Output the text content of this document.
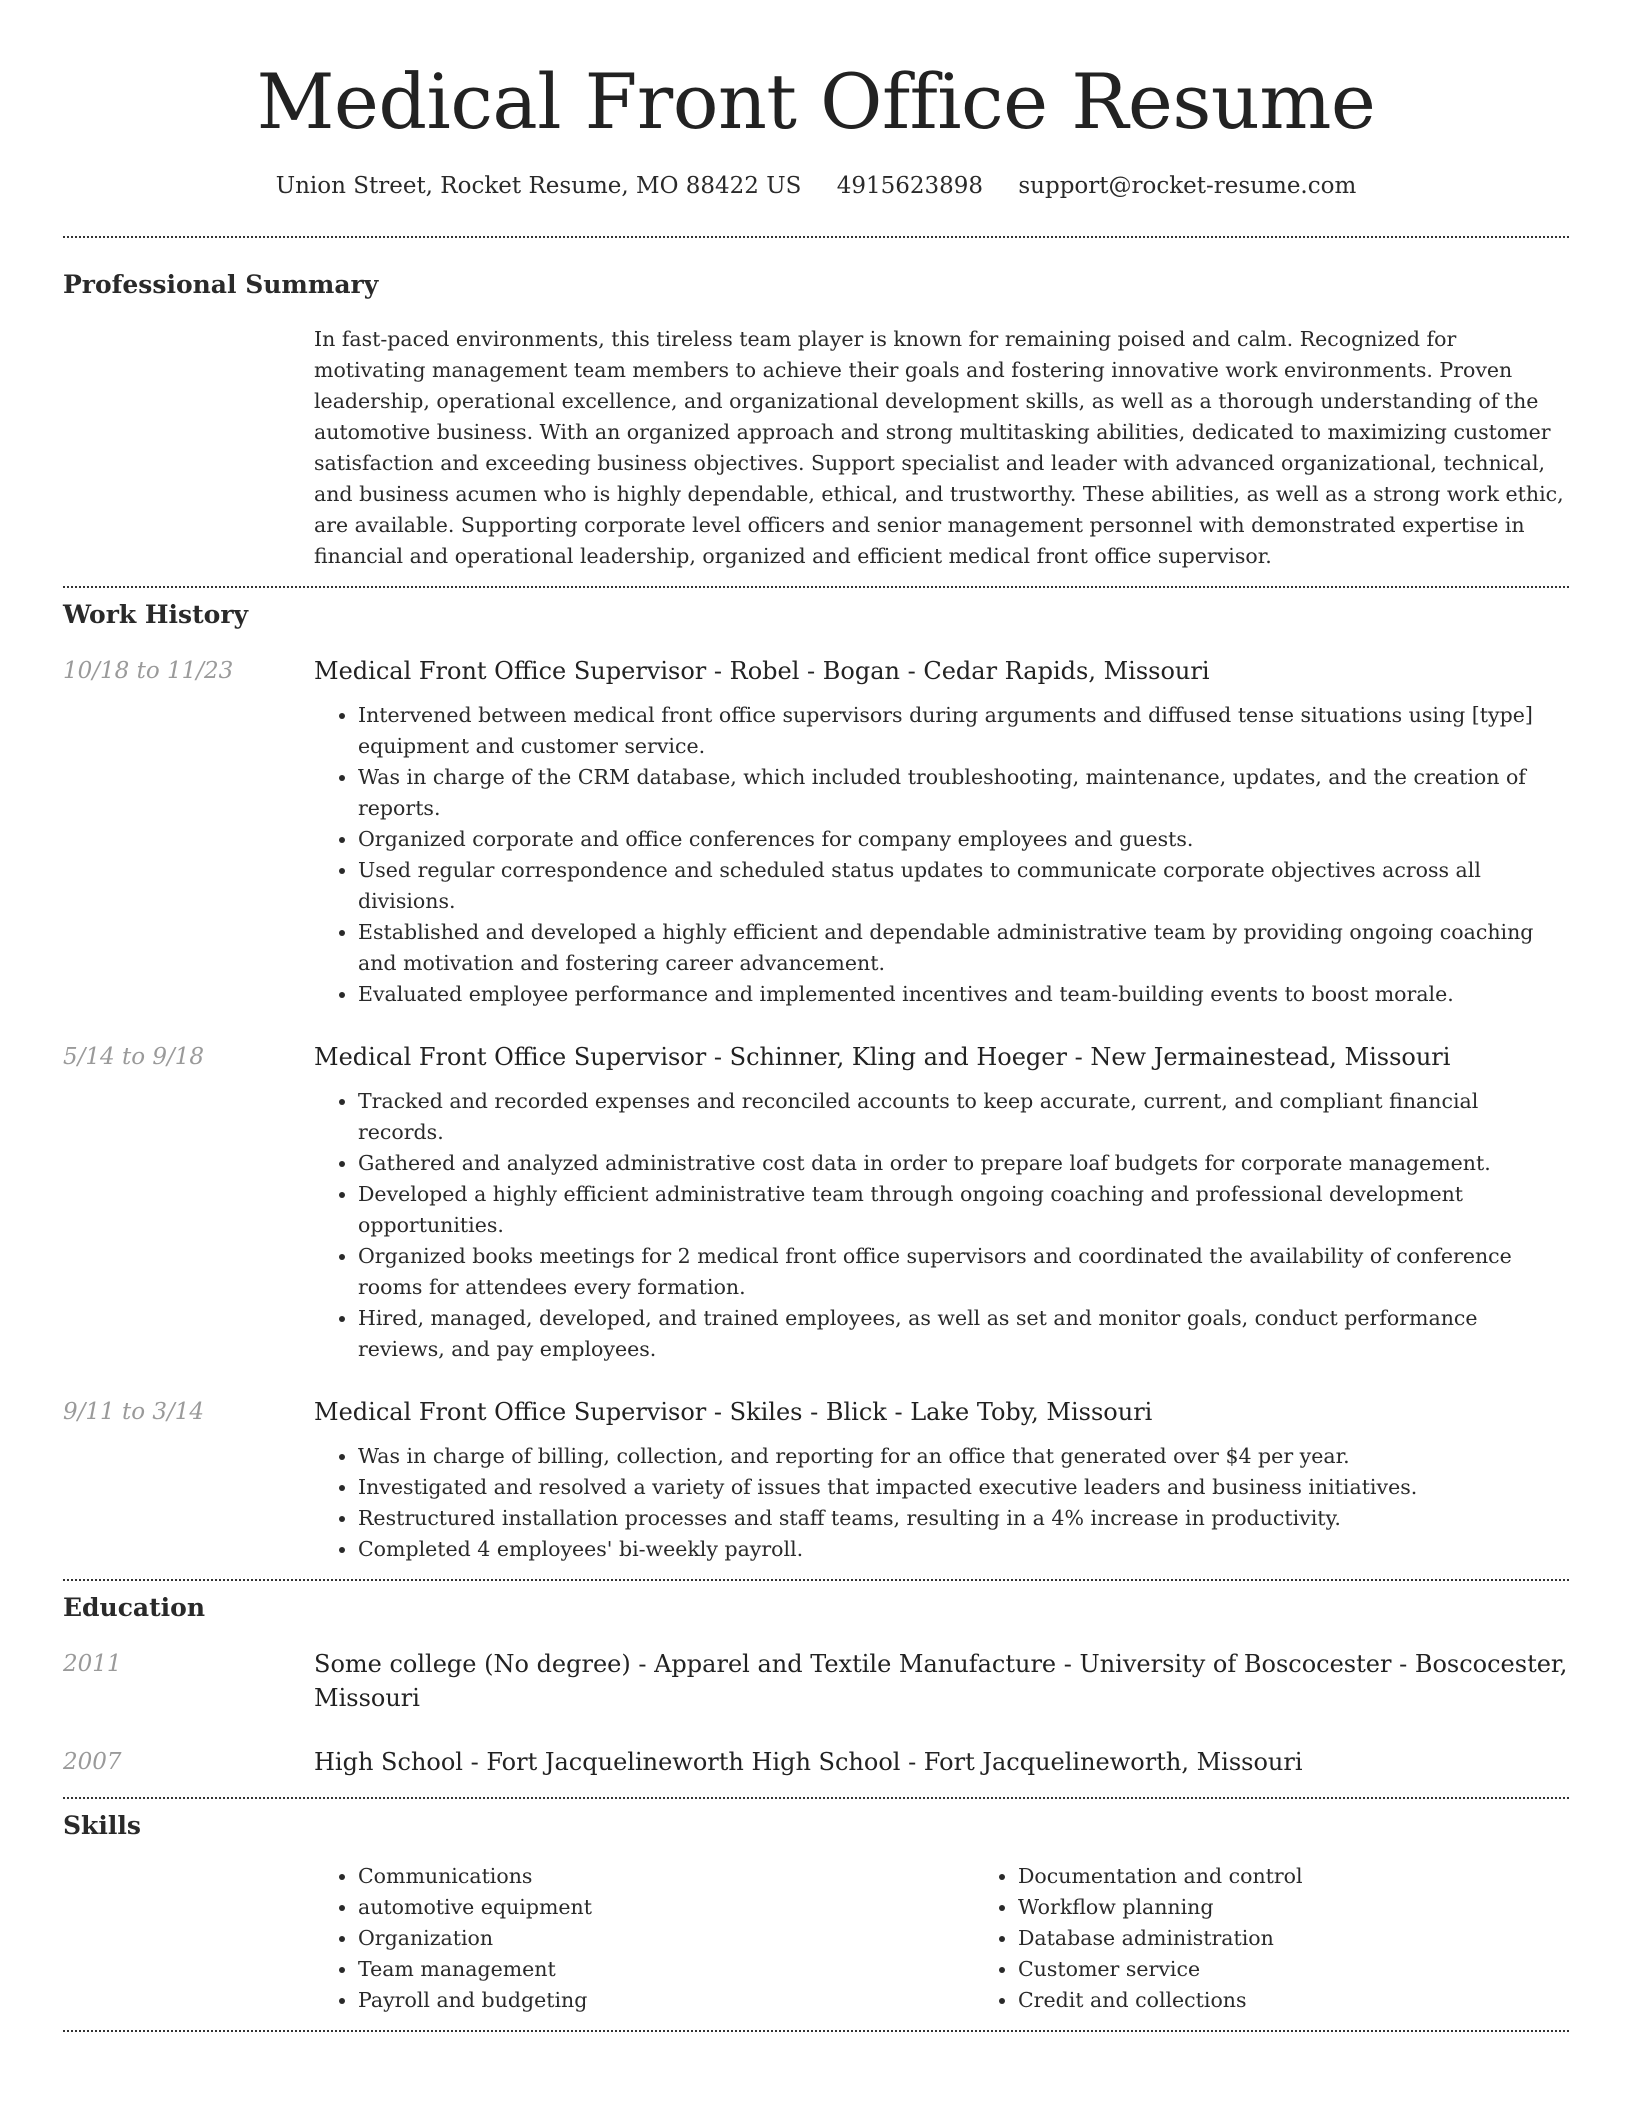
Medical Front Office Resume
Union Street, Rocket Resume, MO 88422 US 4915623898 support@rocket-resume.com
Professional Summary

In fast-paced environments, this tireless team player is known for remaining poised and calm. Recognized for motivating management team members to achieve their goals and fostering innovative work environments. Proven leadership, operational excellence, and organizational development skills, as well as a thorough understanding of the automotive business. With an organized approach and strong multitasking abilities, dedicated to maximizing customer satisfaction and exceeding business objectives. Support specialist and leader with advanced organizational, technical, and business acumen who is highly dependable, ethical, and trustworthy. These abilities, as well as a strong work ethic, are available. Supporting corporate level officers and senior management personnel with demonstrated expertise in financial and operational leadership, organized and efficient medical front office supervisor.

Work History
10/18 to 11/23	Medical Front Office Supervisor - Robel - Bogan - Cedar Rapids, Missouri
• Intervened between medical front office supervisors during arguments and diffused tense situations using [type] equipment and customer service.
• Was in charge of the CRM database, which included troubleshooting, maintenance, updates, and the creation of reports.
• Organized corporate and office conferences for company employees and guests.
• Used regular correspondence and scheduled status updates to communicate corporate objectives across all divisions.
• Established and developed a highly efficient and dependable administrative team by providing ongoing coaching and motivation and fostering career advancement.
• Evaluated employee performance and implemented incentives and team-building events to boost morale.
5/14 to 9/18	Medical Front Office Supervisor - Schinner, Kling and Hoeger - New Jermainestead, Missouri
• Tracked and recorded expenses and reconciled accounts to keep accurate, current, and compliant financial records.
• Gathered and analyzed administrative cost data in order to prepare loaf budgets for corporate management.
• Developed a highly efficient administrative team through ongoing coaching and professional development opportunities.
• Organized books meetings for 2 medical front office supervisors and coordinated the availability of conference rooms for attendees every formation.
• Hired, managed, developed, and trained employees, as well as set and monitor goals, conduct performance reviews, and pay employees.
9/11 to 3/14	Medical Front Office Supervisor - Skiles - Blick - Lake Toby, Missouri
• Was in charge of billing, collection, and reporting for an office that generated over $4 per year.
• Investigated and resolved a variety of issues that impacted executive leaders and business initiatives.
• Restructured installation processes and staff teams, resulting in a 4% increase in productivity.
• Completed 4 employees' bi-weekly payroll.
Education
2011	Some college (No degree) - Apparel and Textile Manufacture - University of Boscocester - Boscocester, Missouri
2007	High School - Fort Jacquelineworth High School - Fort Jacquelineworth, Missouri
Skills
• Communications
• automotive equipment
• Organization
• Team management
• Payroll and budgeting
• Documentation and control
• Workflow planning
• Database administration
• Customer service
• Credit and collections
